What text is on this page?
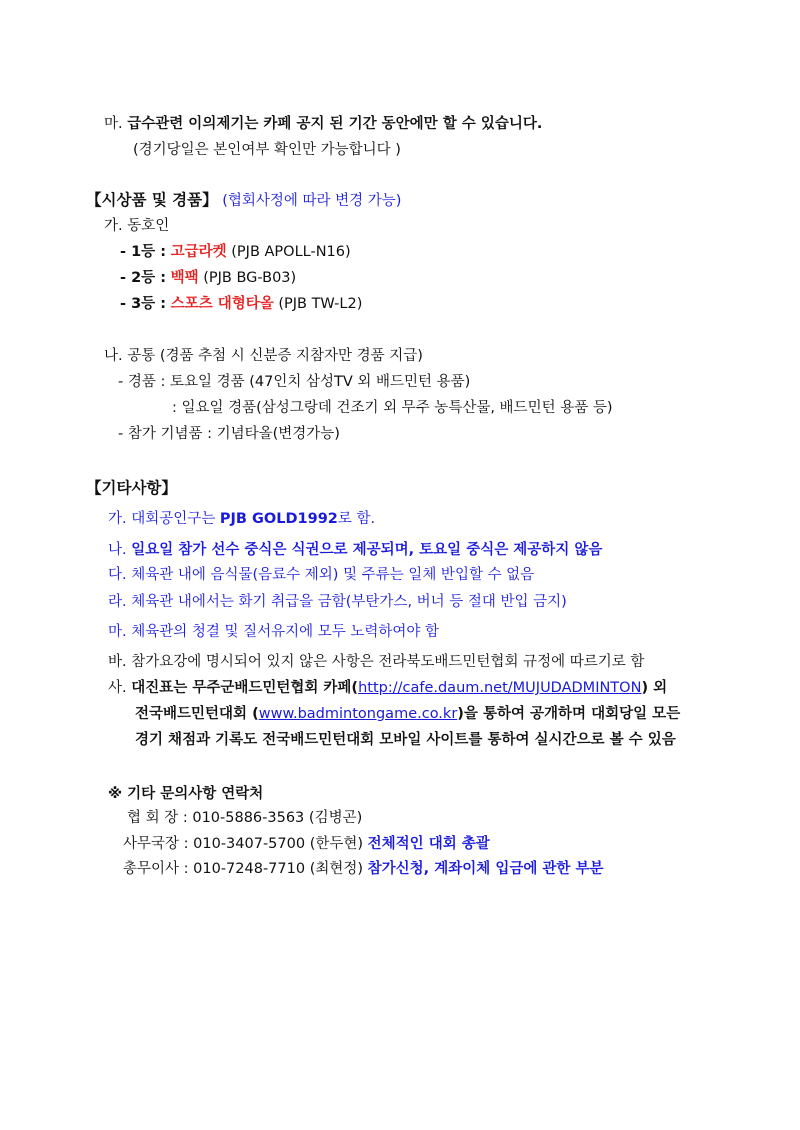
마. 급수관련 이의제기는 카페 공지 된 기간 동안에만 할 수 있습니다.
(경기당일은 본인여부 확인만 가능합니다 )
【시상품 및 경품】 (협회사정에 따라 변경 가능)
가. 동호인
- 1등 : 고급라켓 (PJB APOLL-N16)
- 2등 : 백팩 (PJB BG-B03)
- 3등 : 스포츠 대형타올 (PJB TW-L2)
나. 공통 (경품 추첨 시 신분증 지참자만 경품 지급)
- 경품 : 토요일 경품 (47인치 삼성TV 외 배드민턴 용품)
: 일요일 경품(삼성그랑데 건조기 외 무주 농특산물, 배드민턴 용품 등)
- 참가 기념품 : 기념타올(변경가능)
【기타사항】
가. 대회공인구는 PJB GOLD1992로 함.
나. 일요일 참가 선수 중식은 식권으로 제공되며, 토요일 중식은 제공하지 않음
다. 체육관 내에 음식물(음료수 제외) 및 주류는 일체 반입할 수 없음
라. 체육관 내에서는 화기 취급을 금함(부탄가스, 버너 등 절대 반입 금지)
마. 체육관의 청결 및 질서유지에 모두 노력하여야 함
바. 참가요강에 명시되어 있지 않은 사항은 전라북도배드민턴협회 규정에 따르기로 함
사. 대진표는 무주군배드민턴협회 카페(http://cafe.daum.net/MUJUDADMINTON) 외
전국배드민턴대회 (www.badmintongame.co.kr)을 통하여 공개하며 대회당일 모든
경기 채점과 기록도 전국배드민턴대회 모바일 사이트를 통하여 실시간으로 볼 수 있음
※ 기타 문의사항 연락처
협 회 장 : 010-5886-3563 (김병곤)
사무국장 : 010-3407-5700 (한두현) 전체적인 대회 총괄
총무이사 : 010-7248-7710 (최현정) 참가신청, 계좌이체 입금에 관한 부분
